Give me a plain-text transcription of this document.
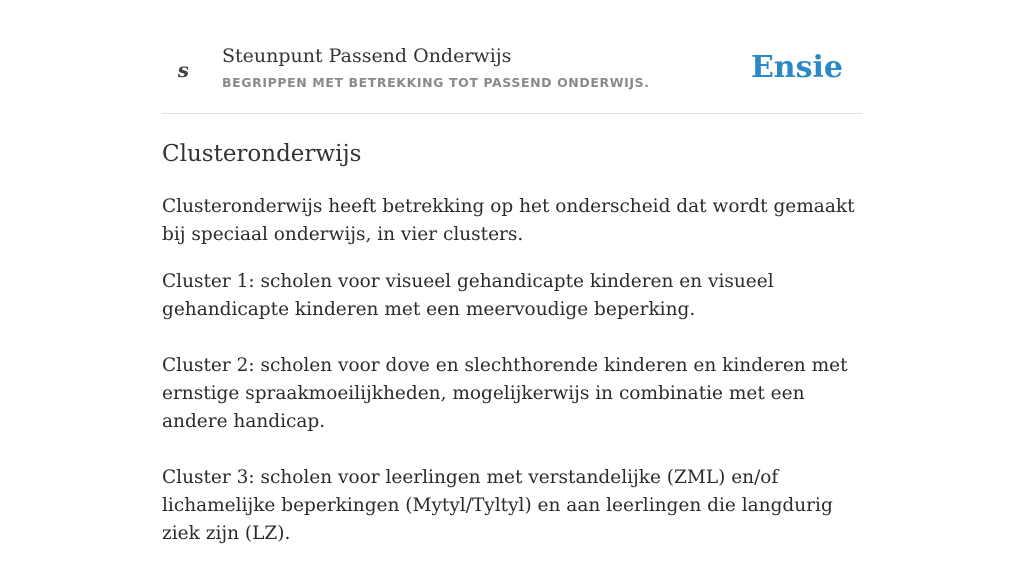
s
Steunpunt Passend Onderwijs
BEGRIPPEN MET BETREKKING TOT PASSEND ONDERWIJS.	Ensie
Clusteronderwijs

Clusteronderwijs heeft betrekking op het onderscheid dat wordt gemaakt bij speciaal onderwijs, in vier clusters.

Cluster 1: scholen voor visueel gehandicapte kinderen en visueel gehandicapte kinderen met een meervoudige beperking.

Cluster 2: scholen voor dove en slechthorende kinderen en kinderen met ernstige spraakmoeilijkheden, mogelijkerwijs in combinatie met een andere handicap.

Cluster 3: scholen voor leerlingen met verstandelijke (ZML) en/of lichamelijke beperkingen (Mytyl/Tyltyl) en aan leerlingen die langdurig ziek zijn (LZ).
